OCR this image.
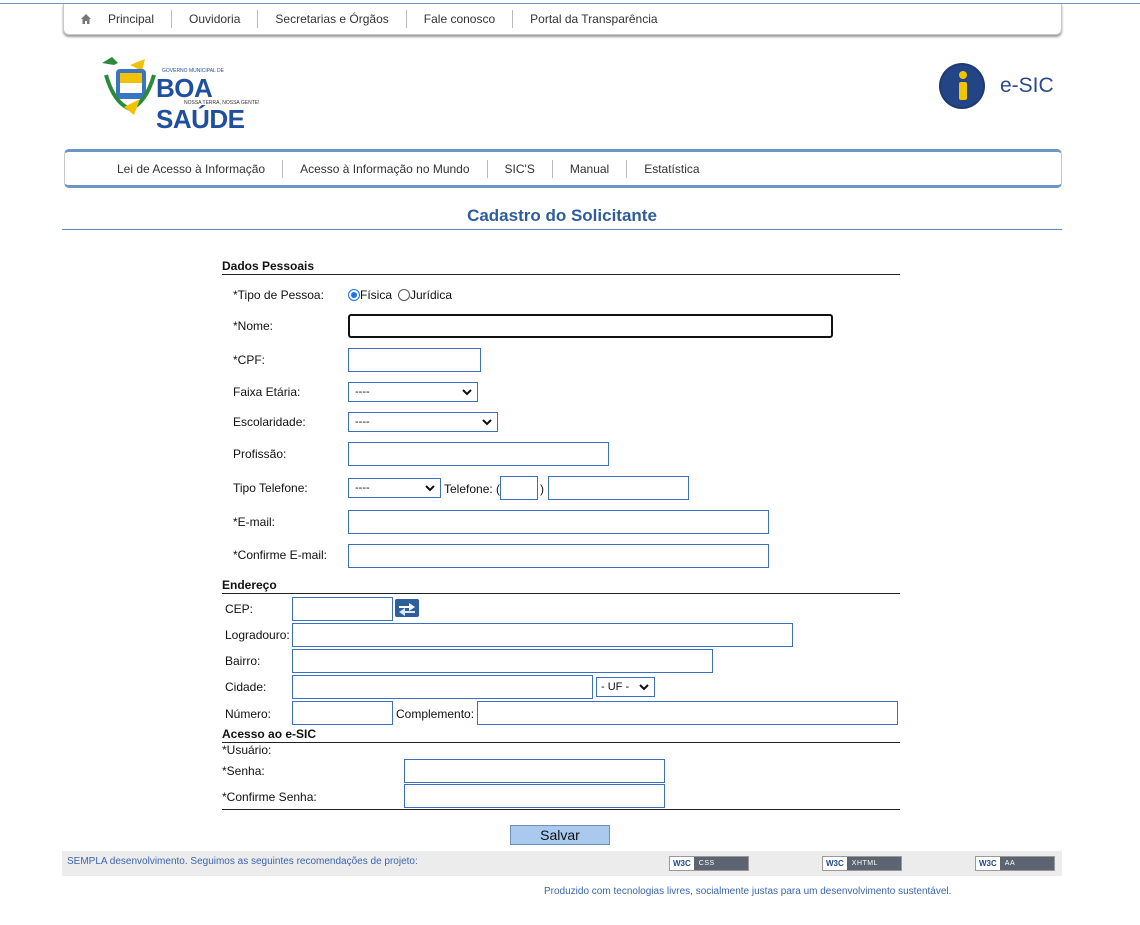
Principal	Ouvidoria	Secretarias e Órgãos	Fale conosco	Portal da Transparência
GOVERNO MUNICIPAL DE
BOA SAÚDE
NOSSA TERRA, NOSSA GENTE!
e-SIC
Lei de Acesso à Informação	Acesso à Informação no Mundo	SIC'S	Manual	Estatística
Cadastro do Solicitante
Dados Pessoais
*Tipo de Pessoa:	Física Jurídica
*Nome:
*CPF:
Faixa Etária:	----
Escolaridade:	----
Profissão:
Tipo Telefone:	----	Telefone: (	)
*E-mail:
*Confirme E-mail:
Endereço
CEP:
Logradouro:
Bairro:
Cidade:	- UF -
Número:	Complemento:
Acesso ao e-SIC
*Usuário:
*Senha:
*Confirme Senha:
Salvar
SEMPLA desenvolvimento. Seguimos as seguintes recomendações de projeto:	W3C	CSS	W3C	XHTML	W3C	AA
Produzido com tecnologias livres, socialmente justas para um desenvolvimento sustentável.
